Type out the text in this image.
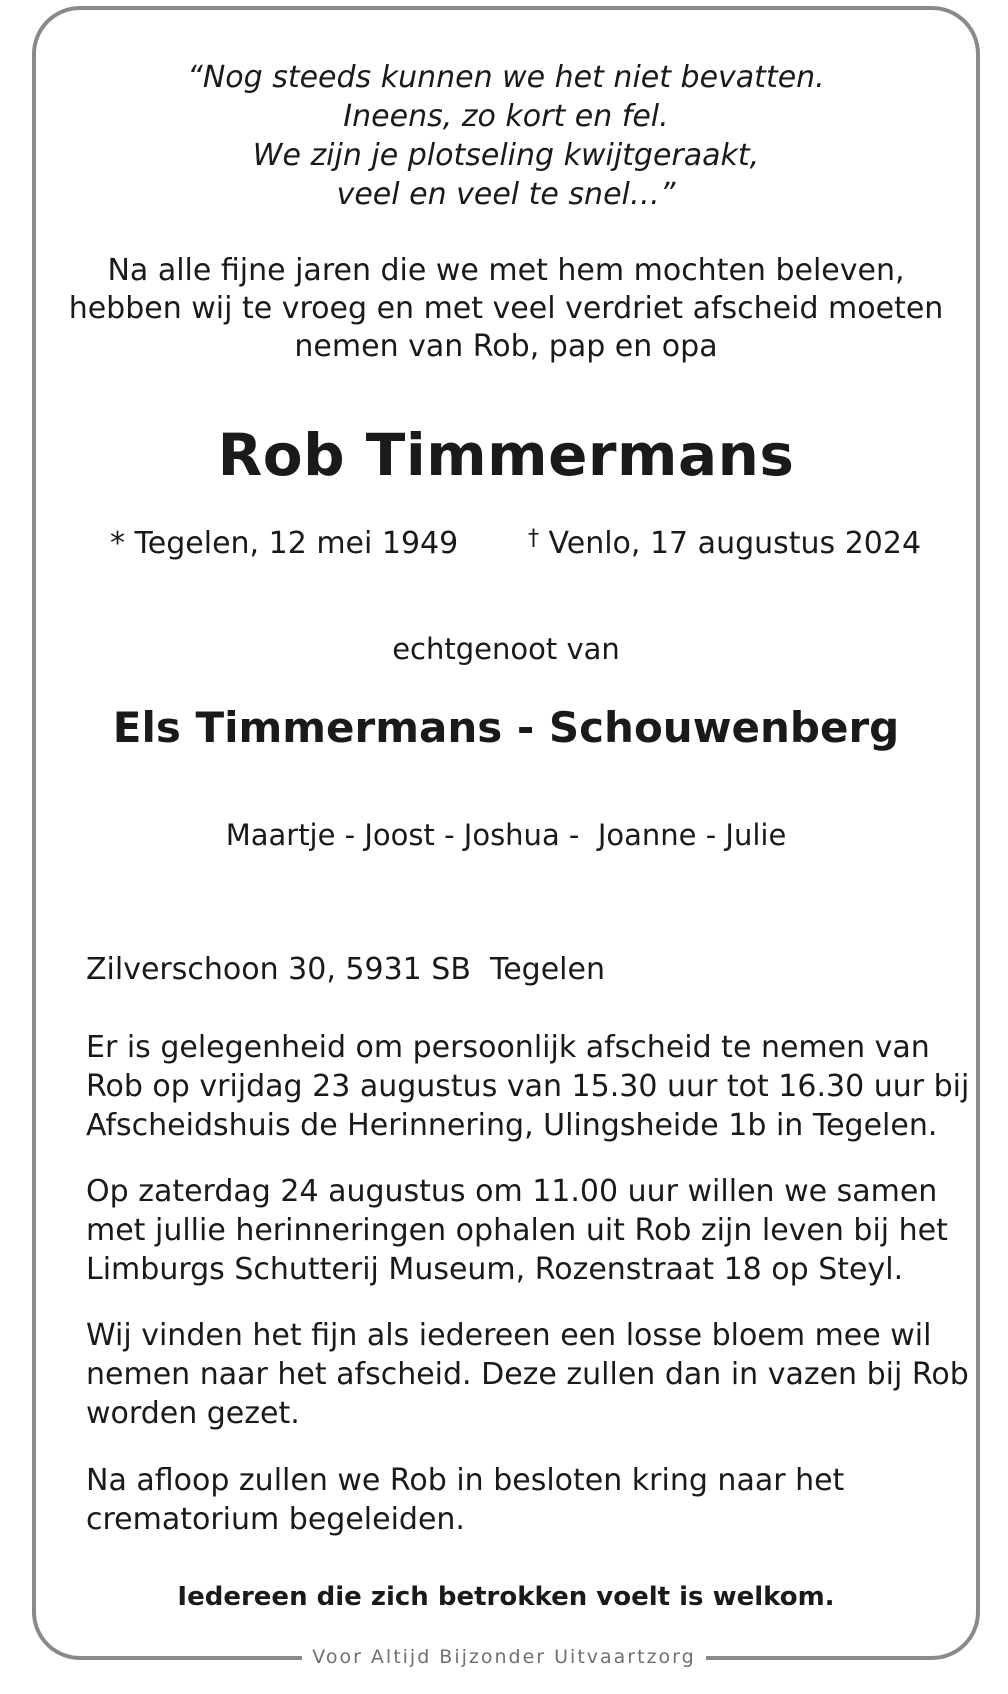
“Nog steeds kunnen we het niet bevatten.
Ineens, zo kort en fel.
We zijn je plotseling kwijtgeraakt,
veel en veel te snel…”
Na alle fijne jaren die we met hem mochten beleven,
hebben wij te vroeg en met veel verdriet afscheid moeten
nemen van Rob, pap en opa
Rob Timmermans
* Tegelen, 12 mei 1949	† Venlo, 17 augustus 2024
echtgenoot van
Els Timmermans - Schouwenberg
Maartje - Joost - Joshua -  Joanne - Julie
Zilverschoon 30, 5931 SB  Tegelen
Er is gelegenheid om persoonlijk afscheid te nemen van
Rob op vrijdag 23 augustus van 15.30 uur tot 16.30 uur bij
Afscheidshuis de Herinnering, Ulingsheide 1b in Tegelen.
Op zaterdag 24 augustus om 11.00 uur willen we samen
met jullie herinneringen ophalen uit Rob zijn leven bij het
Limburgs Schutterij Museum, Rozenstraat 18 op Steyl.
Wij vinden het fijn als iedereen een losse bloem mee wil
nemen naar het afscheid. Deze zullen dan in vazen bij Rob
worden gezet.
Na afloop zullen we Rob in besloten kring naar het
crematorium begeleiden.
Iedereen die zich betrokken voelt is welkom.
Voor Altijd Bijzonder Uitvaartzorg
